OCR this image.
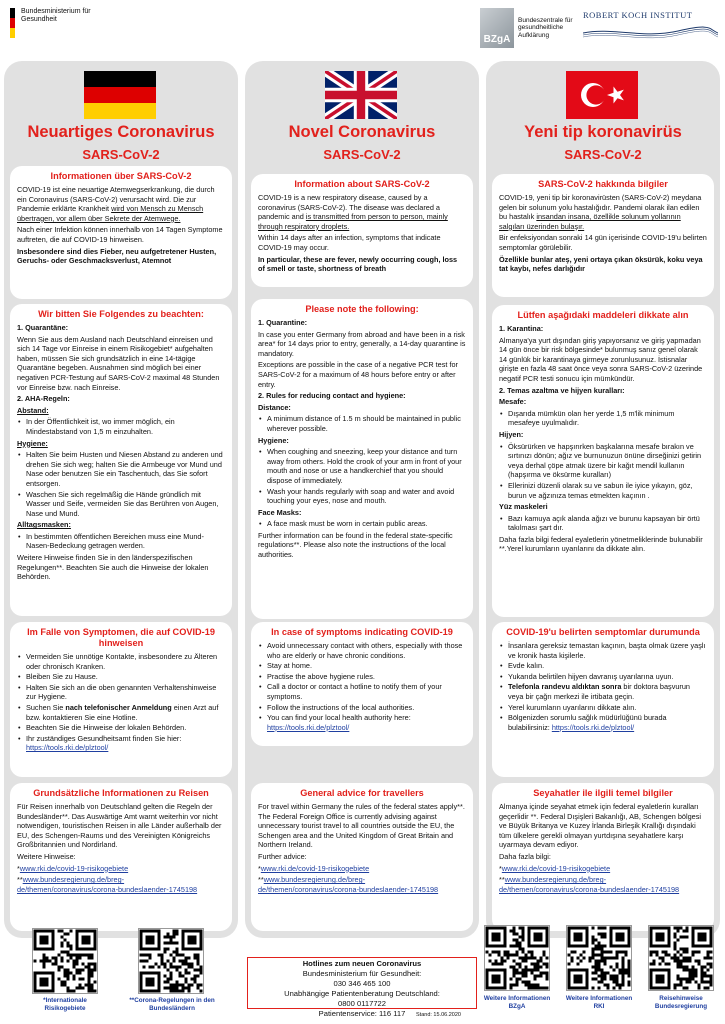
Bundesministerium für Gesundheit
BZgA
Bundeszentrale für gesundheitliche Aufklärung
ROBERT KOCH INSTITUT
Neuartiges Coronavirus
SARS-CoV-2
Informationen über SARS-CoV-2

COVID-19 ist eine neuartige Atemwegserkrankung, die durch ein Coronavirus (SARS-CoV-2) verursacht wird. Die zur Pandemie erklärte Krankheit wird von Mensch zu Mensch übertragen, vor allem über Sekrete der Atemwege.

Nach einer Infektion können innerhalb von 14 Tagen Symptome auftreten, die auf COVID-19 hinweisen.

Insbesondere sind dies Fieber, neu aufgetretener Husten, Geruchs- oder Geschmacksverlust, Atemnot

Wir bitten Sie Folgendes zu beachten:

1. Quarantäne:

Wenn Sie aus dem Ausland nach Deutschland einreisen und sich 14 Tage vor Einreise in einem Risikogebiet* aufgehalten haben, müssen Sie sich grundsätzlich in eine 14-tägige Quarantäne begeben. Ausnahmen sind möglich bei einer negativen PCR-Testung auf SARS-CoV-2 maximal 48 Stunden vor Einreise bzw. nach Einreise.

2. AHA-Regeln:

Abstand:

• In der Öffentlichkeit ist, wo immer möglich, ein Mindestabstand von 1,5 m einzuhalten.

Hygiene:

• Halten Sie beim Husten und Niesen Abstand zu anderen und drehen Sie sich weg; halten Sie die Armbeuge vor Mund und Nase oder benutzen Sie ein Taschentuch, das Sie sofort entsorgen.
• Waschen Sie sich regelmäßig die Hände gründlich mit Wasser und Seife, vermeiden Sie das Berühren von Augen, Nase und Mund.

Alltagsmasken:

• In bestimmten öffentlichen Bereichen muss eine Mund-Nasen-Bedeckung getragen werden.

Weitere Hinweise finden Sie in den länderspezifischen Regelungen**. Beachten Sie auch die Hinweise der lokalen Behörden.

Im Falle von Symptomen, die auf COVID-19 hinweisen
• Vermeiden Sie unnötige Kontakte, insbesondere zu Älteren oder chronisch Kranken.
• Bleiben Sie zu Hause.
• Halten Sie sich an die oben genannten Verhaltenshinweise zur Hygiene.
• Suchen Sie nach telefonischer Anmeldung einen Arzt auf bzw. kontaktieren Sie eine Hotline.
• Beachten Sie die Hinweise der lokalen Behörden.
• Ihr zuständiges Gesundheitsamt finden Sie hier:
https://tools.rki.de/plztool/
Grundsätzliche Informationen zu Reisen

Für Reisen innerhalb von Deutschland gelten die Regeln der Bundesländer**. Das Auswärtige Amt warnt weiterhin vor nicht notwendigen, touristischen Reisen in alle Länder außerhalb der EU, des Schengen-Raums und des Vereinigten Königreichs Großbritannien und Nordirland.

Weitere Hinweise:

*www.rki.de/covid-19-risikogebiete

**www.bundesregierung.de/breg-de/themen/coronavirus/corona-bundeslaender-1745198

Novel Coronavirus
SARS-CoV-2
Information about SARS-CoV-2

COVID-19 is a new respiratory disease, caused by a coronavirus (SARS-CoV-2). The disease was declared a pandemic and is transmitted from person to person, mainly through respiratory droplets.

Within 14 days after an infection, symptoms that indicate COVID-19 may occur.

In particular, these are fever, newly occurring cough, loss of smell or taste, shortness of breath

Please note the following:

1. Quarantine:

In case you enter Germany from abroad and have been in a risk area* for 14 days prior to entry, generally, a 14-day quarantine is mandatory.

Exceptions are possible in the case of a negative PCR test for SARS-CoV-2 for a maximum of 48 hours before entry or after entry.

2. Rules for reducing contact and hygiene:

Distance:

• A minimum distance of 1.5 m should be maintained in public wherever possible.

Hygiene:

• When coughing and sneezing, keep your distance and turn away from others. Hold the crook of your arm in front of your mouth and nose or use a handkerchief that you should dispose of immediately.
• Wash your hands regularly with soap and water and avoid touching your eyes, nose and mouth.

Face Masks:

• A face mask must be worn in certain public areas.

Further information can be found in the federal state-specific regulations**. Please also note the instructions of the local authorities.

In case of symptoms indicating COVID-19
• Avoid unnecessary contact with others, especially with those who are elderly or have chronic conditions.
• Stay at home.
• Practise the above hygiene rules.
• Call a doctor or contact a hotline to notify them of your symptoms.
• Follow the instructions of the local authorities.
• You can find your local health authority here:
https://tools.rki.de/plztool/
General advice for travellers

For travel within Germany the rules of the federal states apply**. The Federal Foreign Office is currently advising against unnecessary tourist travel to all countries outside the EU, the Schengen area and the United Kingdom of Great Britain and Northern Ireland.

Further advice:

*www.rki.de/covid-19-risikogebiete

**www.bundesregierung.de/breg-de/themen/coronavirus/corona-bundeslaender-1745198

Yeni tip koronavirüs
SARS-CoV-2
SARS-CoV-2 hakkında bilgiler

COVID-19, yeni tip bir koronavirüsten (SARS-CoV-2) meydana gelen bir solunum yolu hastalığıdır. Pandemi olarak ilan edilen bu hastalık insandan insana, özellikle solunum yollarının salgıları üzerinden bulaşır.

Bir enfeksiyondan sonraki 14 gün içerisinde COVID-19'u belirten semptomlar görülebilir.

Özellikle bunlar ateş, yeni ortaya çıkan öksürük, koku veya tat kaybı, nefes darlığıdır

Lütfen aşağıdaki maddeleri dikkate alın

1. Karantina:

Almanya'ya yurt dışından giriş yapıyorsanız ve giriş yapmadan 14 gün önce bir risk bölgesinde* bulunmuş sanız genel olarak 14 günlük bir karantinaya girmeye zorunlusunuz. İstisnalar girişte en fazla 48 saat önce veya sonra SARS-CoV-2 üzerinde negatif PCR testi sonucu için mümkündür.

2. Temas azaltma ve hijyen kuralları:

Mesafe:

• Dışarıda mümkün olan her yerde 1,5 m'lik minimum mesafeye uyulmalıdır.

Hijyen:

• Öksürürken ve hapşırırken başkalarına mesafe bırakın ve sırtınızı dönün; ağız ve burnunuzun önüne dirseğinizi getirin veya derhal çöpe atmak üzere bir kağıt mendil kullanın (hapşırma ve öksürme kuralları)
• Ellerinizi düzenli olarak su ve sabun ile iyice yıkayın, göz, burun ve ağzınıza temas etmekten kaçının .

Yüz maskeleri

• Bazı kamuya açık alanda ağızı ve burunu kapsayan bir örtü takılması şart dır.

Daha fazla bilgi federal eyaletlerin yönetmeliklerinde bulunabilir **.Yerel kurumların uyarılarını da dikkate alın.

COVID-19'u belirten semptomlar durumunda
• İnsanlara gereksiz temastan kaçının, başta olmak üzere yaşlı ve kronik hasta kişilerle.
• Evde kalın.
• Yukarıda belirtilen hijyen davranış uyarılarına uyun.
• Telefonla randevu aldıktan sonra bir doktora başvurun veya bir çağrı merkezi ile irtibata geçin.
• Yerel kurumların uyarılarını dikkate alın.
• Bölgenizden sorumlu sağlık müdürlüğünü burada bulabilirsiniz: https://tools.rki.de/plztool/
Seyahatler ile ilgili temel bilgiler

Almanya içinde seyahat etmek için federal eyaletlerin kuralları geçerlidir **. Federal Dışişleri Bakanlığı, AB, Schengen bölgesi ve Büyük Britanya ve Kuzey İrlanda Birleşik Krallığı dışındaki tüm ülkelere gerekli olmayan yurtdışına seyahatlere karşı uyarmaya devam ediyor.

Daha fazla bilgi:

*www.rki.de/covid-19-risikogebiete

**www.bundesregierung.de/breg-de/themen/coronavirus/corona-bundeslaender-1745198

*Internationale Risikogebiete
**Corona-Regelungen in den Bundesländern
Hotlines zum neuen Coronavirus
Bundesministerium für Gesundheit:
030 346 465 100
Unabhängige Patientenberatung Deutschland:
0800 0117722
Patientenservice: 116 117	Stand: 15.06.2020
Weitere Informationen BZgA
Weitere Informationen RKI
Reisehinweise Bundesregierung
